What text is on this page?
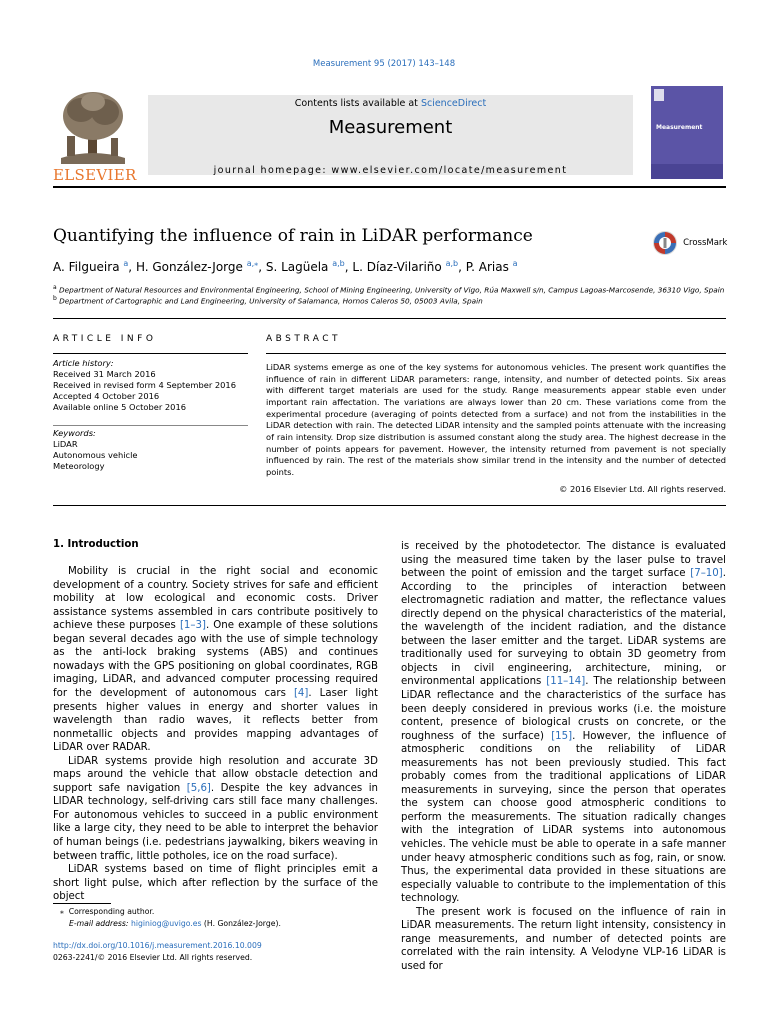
Measurement 95 (2017) 143–148
ELSEVIER
Contents lists available at ScienceDirect
Measurement
journal homepage: www.elsevier.com/locate/measurement
Measurement
Quantifying the influence of rain in LiDAR performance	CrossMark
A. Filgueira $^a$, H. González-Jorge $^{a,⁎}$, S. Lagüela $^{a,b}$, L. Díaz-Vilariño $^{a,b}$, P. Arias $^a$
$^a$ Department of Natural Resources and Environmental Engineering, School of Mining Engineering, University of Vigo, Rúa Maxwell s/n, Campus Lagoas-Marcosende, 36310 Vigo, Spain
$^b$ Department of Cartographic and Land Engineering, University of Salamanca, Hornos Caleros 50, 05003 Avila, Spain
ARTICLE INFO
Article history:
Received 31 March 2016
Received in revised form 4 September 2016
Accepted 4 October 2016
Available online 5 October 2016
Keywords:
LiDAR
Autonomous vehicle
Meteorology
ABSTRACT
LiDAR systems emerge as one of the key systems for autonomous vehicles. The present work quantifies the influence of rain in different LiDAR parameters: range, intensity, and number of detected points. Six areas with different target materials are used for the study. Range measurements appear stable even under important rain affectation. The variations are always lower than 20 cm. These variations come from the experimental procedure (averaging of points detected from a surface) and not from the instabilities in the LiDAR detection with rain. The detected LiDAR intensity and the sampled points attenuate with the increasing of rain intensity. Drop size distribution is assumed constant along the study area. The highest decrease in the number of points appears for pavement. However, the intensity returned from pavement is not specially influenced by rain. The rest of the materials show similar trend in the intensity and the number of detected points.
© 2016 Elsevier Ltd. All rights reserved.

1. Introduction

Mobility is crucial in the right social and economic development of a country. Society strives for safe and efficient mobility at low ecological and economic costs. Driver assistance systems assembled in cars contribute positively to achieve these purposes [1–3]. One example of these solutions began several decades ago with the use of simple technology as the anti-lock braking systems (ABS) and continues nowadays with the GPS positioning on global coordinates, RGB imaging, LiDAR, and advanced computer processing required for the development of autonomous cars [4]. Laser light presents higher values in energy and shorter values in wavelength than radio waves, it reflects better from nonmetallic objects and provides mapping advantages of LiDAR over RADAR.

LiDAR systems provide high resolution and accurate 3D maps around the vehicle that allow obstacle detection and support safe navigation [5,6]. Despite the key advances in LIDAR technology, self-driving cars still face many challenges. For autonomous vehicles to succeed in a public environment like a large city, they need to be able to interpret the behavior of human beings (i.e. pedestrians jaywalking, bikers weaving in between traffic, little potholes, ice on the road surface).

LiDAR systems based on time of flight principles emit a short light pulse, which after reflection by the surface of the object

is received by the photodetector. The distance is evaluated using the measured time taken by the laser pulse to travel between the point of emission and the target surface [7–10]. According to the principles of interaction between electromagnetic radiation and matter, the reflectance values directly depend on the physical characteristics of the material, the wavelength of the incident radiation, and the distance between the laser emitter and the target. LiDAR systems are traditionally used for surveying to obtain 3D geometry from objects in civil engineering, architecture, mining, or environmental applications [11–14]. The relationship between LiDAR reflectance and the characteristics of the surface has been deeply considered in previous works (i.e. the moisture content, presence of biological crusts on concrete, or the roughness of the surface) [15]. However, the influence of atmospheric conditions on the reliability of LiDAR measurements has not been previously studied. This fact probably comes from the traditional applications of LiDAR measurements in surveying, since the person that operates the system can choose good atmospheric conditions to perform the measurements. The situation radically changes with the integration of LiDAR systems into autonomous vehicles. The vehicle must be able to operate in a safe manner under heavy atmospheric conditions such as fog, rain, or snow. Thus, the experimental data provided in these situations are especially valuable to contribute to the implementation of this technology.

The present work is focused on the influence of rain in LiDAR measurements. The return light intensity, consistency in range measurements, and number of detected points are correlated with the rain intensity. A Velodyne VLP-16 LiDAR is used for

⁎ Corresponding author.
E-mail address: higiniog@uvigo.es (H. González-Jorge).
http://dx.doi.org/10.1016/j.measurement.2016.10.009
0263-2241/© 2016 Elsevier Ltd. All rights reserved.
